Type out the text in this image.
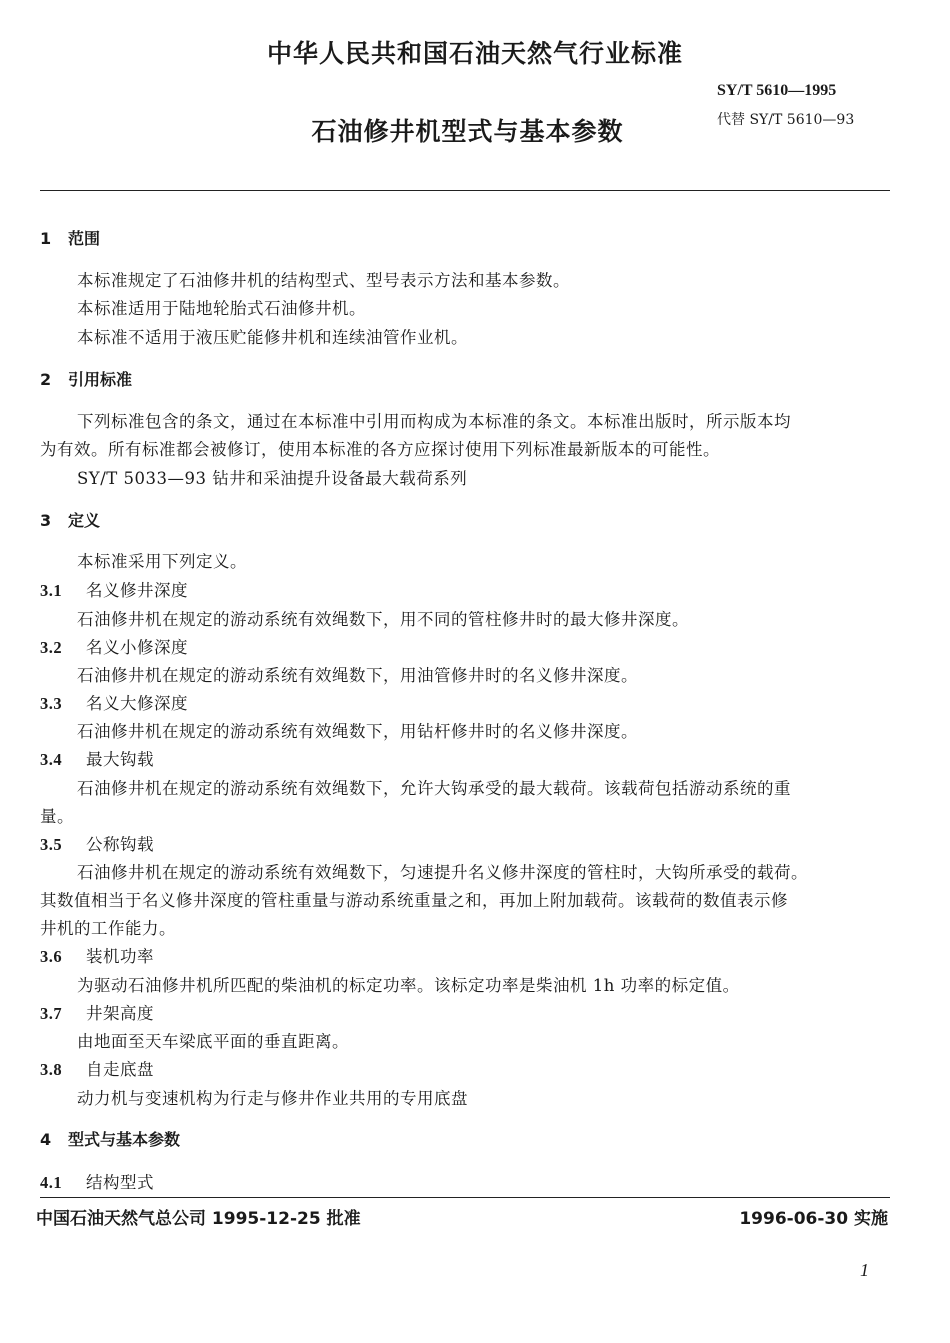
中华人民共和国石油天然气行业标准
SY/T 5610—1995
代替 SY/T 5610—93
石油修井机型式与基本参数
1 范围
本标准规定了石油修井机的结构型式、型号表示方法和基本参数。
本标准适用于陆地轮胎式石油修井机。
本标准不适用于液压贮能修井机和连续油管作业机。
2 引用标准
下列标准包含的条文，通过在本标准中引用而构成为本标准的条文。本标准出版时，所示版本均
为有效。所有标准都会被修订，使用本标准的各方应探讨使用下列标准最新版本的可能性。
SY/T 5033—93 钻井和采油提升设备最大载荷系列
3 定义
本标准采用下列定义。
3.1 名义修井深度
石油修井机在规定的游动系统有效绳数下，用不同的管柱修井时的最大修井深度。
3.2 名义小修深度
石油修井机在规定的游动系统有效绳数下，用油管修井时的名义修井深度。
3.3 名义大修深度
石油修井机在规定的游动系统有效绳数下，用钻杆修井时的名义修井深度。
3.4 最大钩载
石油修井机在规定的游动系统有效绳数下，允许大钩承受的最大载荷。该载荷包括游动系统的重
量。
3.5 公称钩载
石油修井机在规定的游动系统有效绳数下，匀速提升名义修井深度的管柱时，大钩所承受的载荷。
其数值相当于名义修井深度的管柱重量与游动系统重量之和，再加上附加载荷。该载荷的数值表示修
井机的工作能力。
3.6 装机功率
为驱动石油修井机所匹配的柴油机的标定功率。该标定功率是柴油机 1h 功率的标定值。
3.7 井架高度
由地面至天车梁底平面的垂直距离。
3.8 自走底盘
动力机与变速机构为行走与修井作业共用的专用底盘
4 型式与基本参数
4.1 结构型式
中国石油天然气总公司 1995-12-25 批准	1996-06-30 实施
1
